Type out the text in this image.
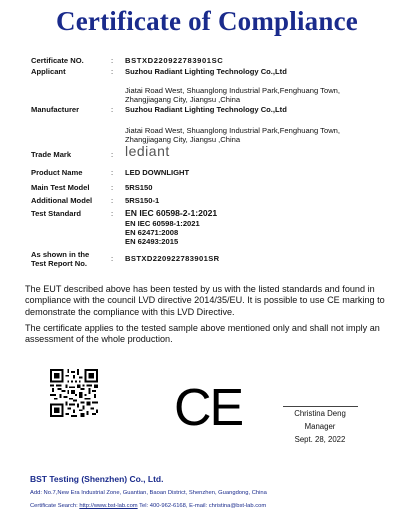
Certificate of Compliance
Certificate NO.	: BSTXD220922783901SC
Applicant	: Suzhou Radiant Lighting Technology Co.,Ltd
Jiatai Road West, Shuanglong Industrial Park,Fenghuang Town,
Zhangjiagang City, Jiangsu ,China
Manufacturer	: Suzhou Radiant Lighting Technology Co.,Ltd
Jiatai Road West, Shuanglong Industrial Park,Fenghuang Town,
Zhangjiagang City, Jiangsu ,China
Trade Mark	: lediant
Product Name	: LED DOWNLIGHT
Main Test Model	: 5RS150
Additional Model	: 5RS150-1
Test Standard	: EN IEC 60598-2-1:2021
EN IEC 60598-1:2021
EN 62471:2008
EN 62493:2015
As shown in the
Test Report No.
: BSTXD220922783901SR
The EUT described above has been tested by us with the listed standards and found in compliance with the council LVD directive 2014/35/EU. It is possible to use CE marking to demonstrate the compliance with this LVD Directive.
The certificate applies to the tested sample above mentioned only and shall not imply an assessment of the whole production.
CE	Christina Deng
Manager
Sept. 28, 2022
BST Testing (Shenzhen) Co., Ltd.
Add: No.7,New Era Industrial Zone, Guantian, Baoan District, Shenzhen, Guangdong, China
Certificate Search: http://www.bst-lab.com Tel: 400-962-6168, E-mail: christina@bst-lab.com
